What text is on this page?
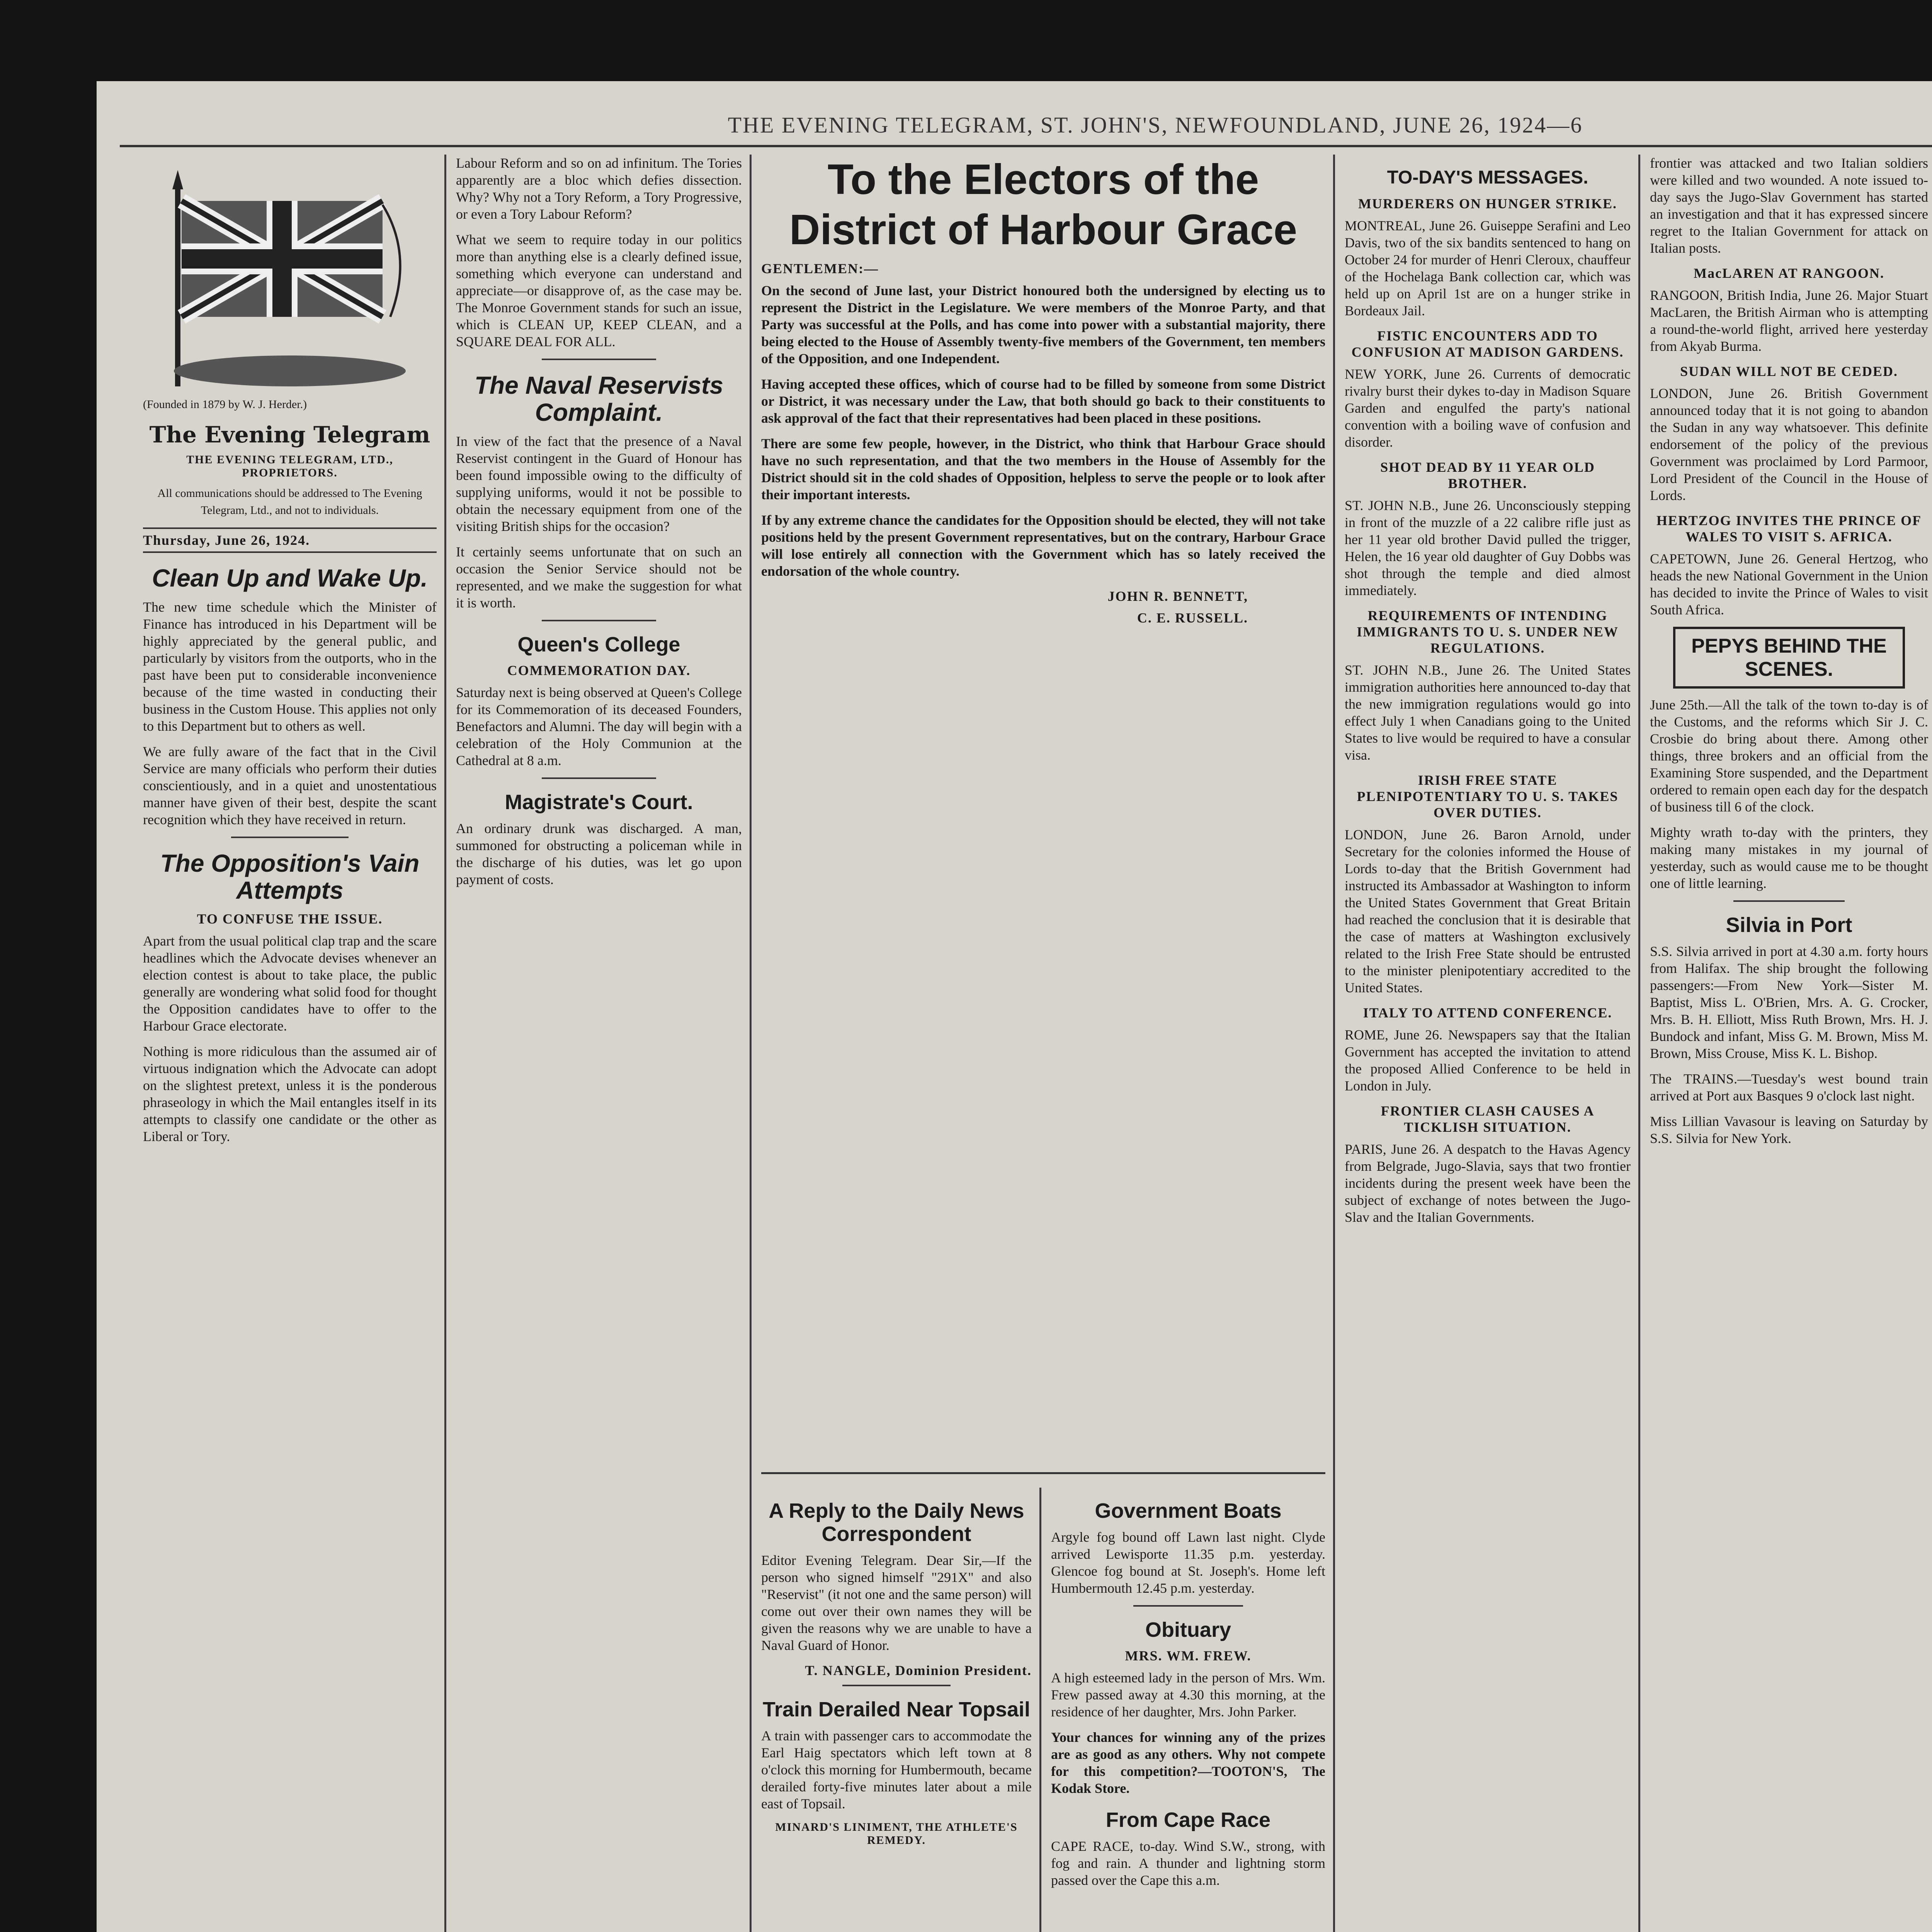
THE EVENING TELEGRAM, ST. JOHN'S, NEWFOUNDLAND, JUNE 26, 1924—6
(Founded in 1879 by W. J. Herder.)
The Evening Telegram
THE EVENING TELEGRAM, LTD., PROPRIETORS.
All communications should be addressed to The Evening Telegram, Ltd., and not to individuals.
Thursday, June 26, 1924.
Clean Up and Wake Up.

The new time schedule which the Minister of Finance has introduced in his Department will be highly appreciated by the general public, and particularly by visitors from the outports, who in the past have been put to considerable inconvenience because of the time wasted in conducting their business in the Custom House. This applies not only to this Department but to others as well.

We are fully aware of the fact that in the Civil Service are many officials who perform their duties conscientiously, and in a quiet and unostentatious manner have given of their best, despite the scant recognition which they have received in return.

The Opposition's Vain Attempts
TO CONFUSE THE ISSUE.

Apart from the usual political clap trap and the scare headlines which the Advocate devises whenever an election contest is about to take place, the public generally are wondering what solid food for thought the Opposition candidates have to offer to the Harbour Grace electorate.

Nothing is more ridiculous than the assumed air of virtuous indignation which the Advocate can adopt on the slightest pretext, unless it is the ponderous phraseology in which the Mail entangles itself in its attempts to classify one candidate or the other as Liberal or Tory.

Labour Reform and so on ad infinitum. The Tories apparently are a bloc which defies dissection. Why? Why not a Tory Reform, a Tory Progressive, or even a Tory Labour Reform?

What we seem to require today in our politics more than anything else is a clearly defined issue, something which everyone can understand and appreciate—or disapprove of, as the case may be. The Monroe Government stands for such an issue, which is CLEAN UP, KEEP CLEAN, and a SQUARE DEAL FOR ALL.

The Naval Reservists Complaint.

In view of the fact that the presence of a Naval Reservist contingent in the Guard of Honour has been found impossible owing to the difficulty of supplying uniforms, would it not be possible to obtain the necessary equipment from one of the visiting British ships for the occasion?

It certainly seems unfortunate that on such an occasion the Senior Service should not be represented, and we make the suggestion for what it is worth.

Queen's College
COMMEMORATION DAY.

Saturday next is being observed at Queen's College for its Commemoration of its deceased Founders, Benefactors and Alumni. The day will begin with a celebration of the Holy Communion at the Cathedral at 8 a.m.

Magistrate's Court.

An ordinary drunk was discharged. A man, summoned for obstructing a policeman while in the discharge of his duties, was let go upon payment of costs.

To the Electors of the District of Harbour Grace
GENTLEMEN:—

On the second of June last, your District honoured both the undersigned by electing us to represent the District in the Legislature. We were members of the Monroe Party, and that Party was successful at the Polls, and has come into power with a substantial majority, there being elected to the House of Assembly twenty-five members of the Government, ten members of the Opposition, and one Independent.

Having accepted these offices, which of course had to be filled by someone from some District or District, it was necessary under the Law, that both should go back to their constituents to ask approval of the fact that their representatives had been placed in these positions.

There are some few people, however, in the District, who think that Harbour Grace should have no such representation, and that the two members in the House of Assembly for the District should sit in the cold shades of Opposition, helpless to serve the people or to look after their important interests.

If by any extreme chance the candidates for the Opposition should be elected, they will not take positions held by the present Government representatives, but on the contrary, Harbour Grace will lose entirely all connection with the Government which has so lately received the endorsation of the whole country.

JOHN R. BENNETT,
C. E. RUSSELL.
A Reply to the Daily News Correspondent

Editor Evening Telegram. Dear Sir,—If the person who signed himself "291X" and also "Reservist" (it not one and the same person) will come out over their own names they will be given the reasons why we are unable to have a Naval Guard of Honor.

T. NANGLE, Dominion President.
Train Derailed Near Topsail

A train with passenger cars to accommodate the Earl Haig spectators which left town at 8 o'clock this morning for Humbermouth, became derailed forty-five minutes later about a mile east of Topsail.

MINARD'S LINIMENT, THE ATHLETE'S REMEDY.
Government Boats

Argyle fog bound off Lawn last night. Clyde arrived Lewisporte 11.35 p.m. yesterday. Glencoe fog bound at St. Joseph's. Home left Humbermouth 12.45 p.m. yesterday.

Obituary
MRS. WM. FREW.

A high esteemed lady in the person of Mrs. Wm. Frew passed away at 4.30 this morning, at the residence of her daughter, Mrs. John Parker.

Your chances for winning any of the prizes are as good as any others. Why not compete for this competition?—TOOTON'S, The Kodak Store.

From Cape Race

CAPE RACE, to-day. Wind S.W., strong, with fog and rain. A thunder and lightning storm passed over the Cape this a.m.

TO-DAY'S MESSAGES.
MURDERERS ON HUNGER STRIKE.

MONTREAL, June 26. Guiseppe Serafini and Leo Davis, two of the six bandits sentenced to hang on October 24 for murder of Henri Cleroux, chauffeur of the Hochelaga Bank collection car, which was held up on April 1st are on a hunger strike in Bordeaux Jail.

FISTIC ENCOUNTERS ADD TO CONFUSION AT MADISON GARDENS.

NEW YORK, June 26. Currents of democratic rivalry burst their dykes to-day in Madison Square Garden and engulfed the party's national convention with a boiling wave of confusion and disorder.

SHOT DEAD BY 11 YEAR OLD BROTHER.

ST. JOHN N.B., June 26. Unconsciously stepping in front of the muzzle of a 22 calibre rifle just as her 11 year old brother David pulled the trigger, Helen, the 16 year old daughter of Guy Dobbs was shot through the temple and died almost immediately.

REQUIREMENTS OF INTENDING IMMIGRANTS TO U. S. UNDER NEW REGULATIONS.

ST. JOHN N.B., June 26. The United States immigration authorities here announced to-day that the new immigration regulations would go into effect July 1 when Canadians going to the United States to live would be required to have a consular visa.

IRISH FREE STATE PLENIPOTENTIARY TO U. S. TAKES OVER DUTIES.

LONDON, June 26. Baron Arnold, under Secretary for the colonies informed the House of Lords to-day that the British Government had instructed its Ambassador at Washington to inform the United States Government that Great Britain had reached the conclusion that it is desirable that the case of matters at Washington exclusively related to the Irish Free State should be entrusted to the minister plenipotentiary accredited to the United States.

ITALY TO ATTEND CONFERENCE.

ROME, June 26. Newspapers say that the Italian Government has accepted the invitation to attend the proposed Allied Conference to be held in London in July.

FRONTIER CLASH CAUSES A TICKLISH SITUATION.

PARIS, June 26. A despatch to the Havas Agency from Belgrade, Jugo-Slavia, says that two frontier incidents during the present week have been the subject of exchange of notes between the Jugo-Slav and the Italian Governments.

frontier was attacked and two Italian soldiers were killed and two wounded. A note issued to-day says the Jugo-Slav Government has started an investigation and that it has expressed sincere regret to the Italian Government for attack on Italian posts.

MacLAREN AT RANGOON.

RANGOON, British India, June 26. Major Stuart MacLaren, the British Airman who is attempting a round-the-world flight, arrived here yesterday from Akyab Burma.

SUDAN WILL NOT BE CEDED.

LONDON, June 26. British Government announced today that it is not going to abandon the Sudan in any way whatsoever. This definite endorsement of the policy of the previous Government was proclaimed by Lord Parmoor, Lord President of the Council in the House of Lords.

HERTZOG INVITES THE PRINCE OF WALES TO VISIT S. AFRICA.

CAPETOWN, June 26. General Hertzog, who heads the new National Government in the Union has decided to invite the Prince of Wales to visit South Africa.

PEPYS BEHIND THE SCENES.

June 25th.—All the talk of the town to-day is of the Customs, and the reforms which Sir J. C. Crosbie do bring about there. Among other things, three brokers and an official from the Examining Store suspended, and the Department ordered to remain open each day for the despatch of business till 6 of the clock.

Mighty wrath to-day with the printers, they making many mistakes in my journal of yesterday, such as would cause me to be thought one of little learning.

Silvia in Port

S.S. Silvia arrived in port at 4.30 a.m. forty hours from Halifax. The ship brought the following passengers:—From New York—Sister M. Baptist, Miss L. O'Brien, Mrs. A. G. Crocker, Mrs. B. H. Elliott, Miss Ruth Brown, Mrs. H. J. Bundock and infant, Miss G. M. Brown, Miss M. Brown, Miss Crouse, Miss K. L. Bishop.

The TRAINS.—Tuesday's west bound train arrived at Port aux Basques 9 o'clock last night.

Miss Lillian Vavasour is leaving on Saturday by S.S. Silvia for New York.
